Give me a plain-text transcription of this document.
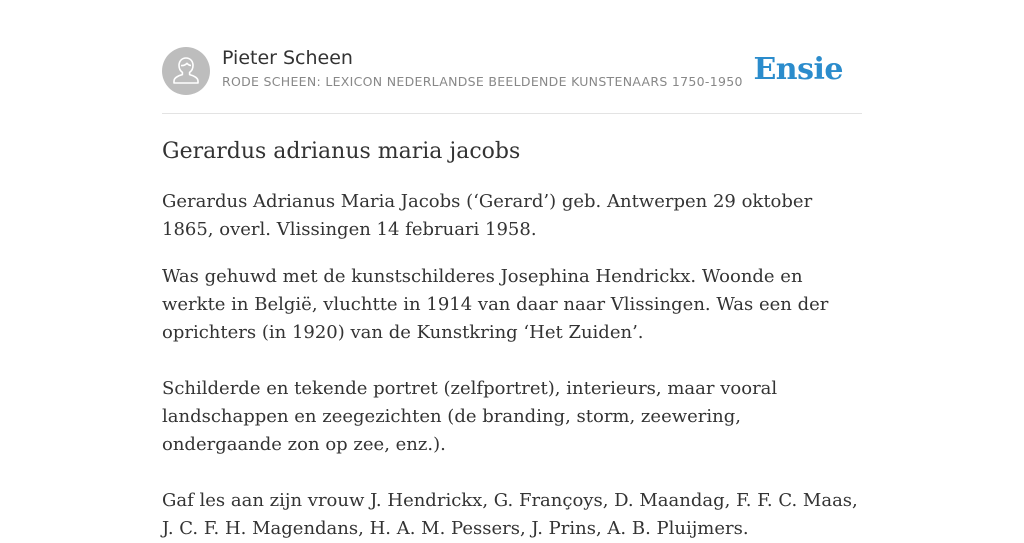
Pieter Scheen
RODE SCHEEN: LEXICON NEDERLANDSE BEELDENDE KUNSTENAARS 1750-1950 Ensie
Gerardus adrianus maria jacobs

Gerardus Adrianus Maria Jacobs (‘Gerard’) geb. Antwerpen 29 oktober 1865, overl. Vlissingen 14 februari 1958.

Was gehuwd met de kunstschilderes Josephina Hendrickx. Woonde en werkte in België, vluchtte in 1914 van daar naar Vlissingen. Was een der oprichters (in 1920) van de Kunstkring ‘Het Zuiden’.

Schilderde en tekende portret (zelfportret), interieurs, maar vooral landschappen en zeegezichten (de branding, storm, zeewering, ondergaande zon op zee, enz.).

Gaf les aan zijn vrouw J. Hendrickx, G. Françoys, D. Maandag, F. F. C. Maas, J. C. F. H. Magendans, H. A. M. Pessers, J. Prins, A. B. Pluijmers.
